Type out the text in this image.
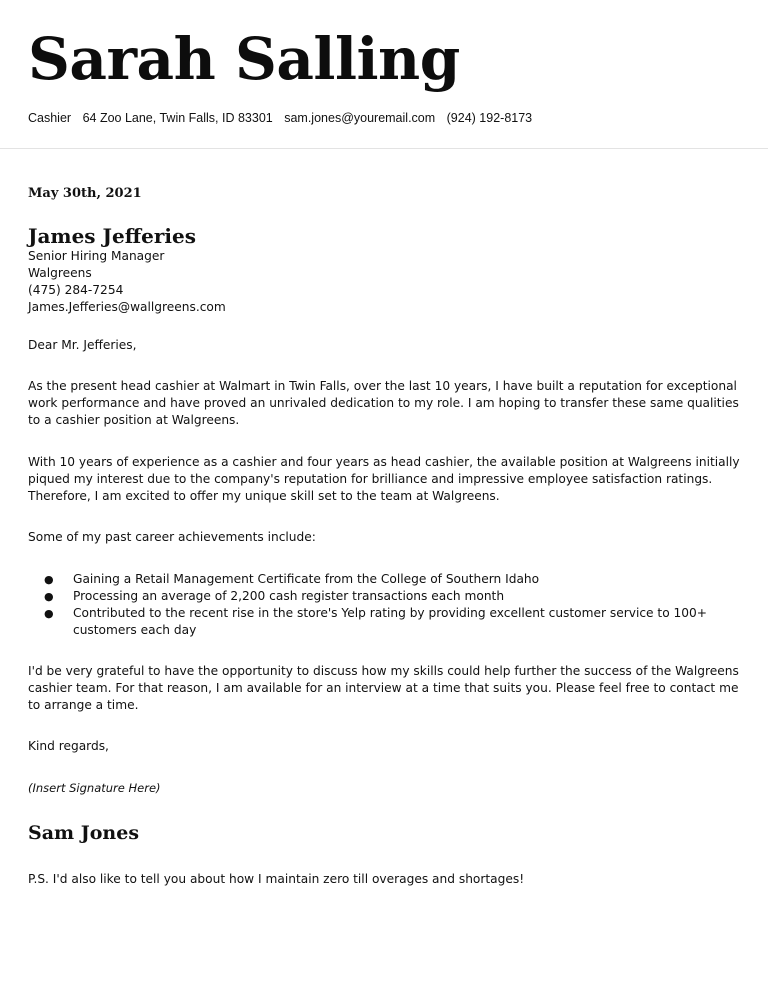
Sarah Salling
Cashier 64 Zoo Lane, Twin Falls, ID 83301 sam.jones@youremail.com (924) 192-8173
May 30th, 2021
James Jefferies
Senior Hiring Manager
Walgreens
(475) 284-7254
James.Jefferies@wallgreens.com
Dear Mr. Jefferies,

As the present head cashier at Walmart in Twin Falls, over the last 10 years, I have built a reputation for exceptional work performance and have proved an unrivaled dedication to my role. I am hoping to transfer these same qualities to a cashier position at Walgreens.

With 10 years of experience as a cashier and four years as head cashier, the available position at Walgreens initially piqued my interest due to the company's reputation for brilliance and impressive employee satisfaction ratings. Therefore, I am excited to offer my unique skill set to the team at Walgreens.

Some of my past career achievements include:

● Gaining a Retail Management Certificate from the College of Southern Idaho
● Processing an average of 2,200 cash register transactions each month
● Contributed to the recent rise in the store's Yelp rating by providing excellent customer service to 100+ customers each day

I'd be very grateful to have the opportunity to discuss how my skills could help further the success of the Walgreens cashier team. For that reason, I am available for an interview at a time that suits you. Please feel free to contact me to arrange a time.

Kind regards,
(Insert Signature Here)
Sam Jones
P.S. I'd also like to tell you about how I maintain zero till overages and shortages!
